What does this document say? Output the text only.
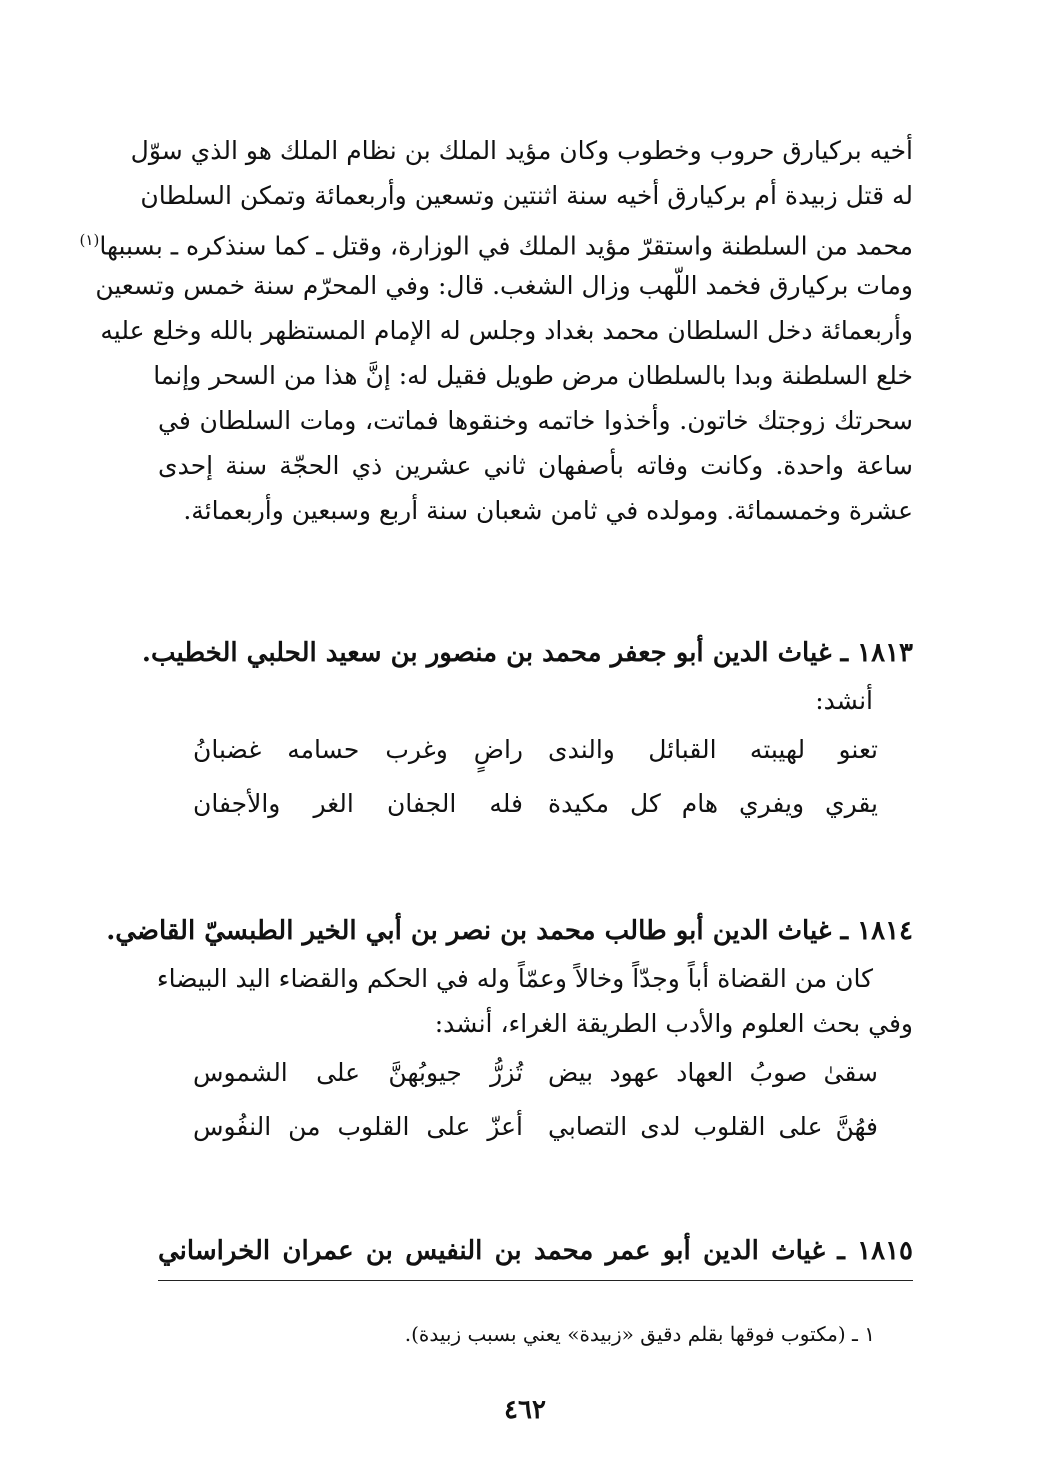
أخيه بركيارق حروب وخطوب وكان مؤيد الملك بن نظام الملك هو الذي سوّل
له قتل زبيدة أم بركيارق أخيه سنة اثنتين وتسعين وأربعمائة وتمكن السلطان
محمد من السلطنة واستقرّ مؤيد الملك في الوزارة، وقتل ـ كما سنذكره ـ بسببها$^{(١)}$
ومات بركيارق فخمد اللّهب وزال الشغب. قال: وفي المحرّم سنة خمس وتسعين
وأربعمائة دخل السلطان محمد بغداد وجلس له الإمام المستظهر بالله وخلع عليه
خلع السلطنة وبدا بالسلطان مرض طويل فقيل له: إنَّ هذا من السحر وإنما
سحرتك زوجتك خاتون. وأخذوا خاتمه وخنقوها فماتت، ومات السلطان في
ساعة واحدة. وكانت وفاته بأصفهان ثاني عشرين ذي الحجّة سنة إحدى
عشرة وخمسمائة. ومولده في ثامن شعبان سنة أربع وسبعين وأربعمائة.
١٨١٣ ـ غياث الدين أبو جعفر محمد بن منصور بن سعيد الحلبي الخطيب.
أنشد:
تعنو لهيبته القبائل والندى
راضٍ وغرب حسامه غضبانُ
يقري ويفري هام كل مكيدة
فله الجفان الغر والأجفان
١٨١٤ ـ غياث الدين أبو طالب محمد بن نصر بن أبي الخير الطبسيّ القاضي.
كان من القضاة أباً وجدّاً وخالاً وعمّاً وله في الحكم والقضاء اليد البيضاء
وفي بحث العلوم والأدب الطريقة الغراء، أنشد:
سقىٰ صوبُ العهاد عهود بيض
تُزرُّ جيوبُهنَّ على الشموس
فهُنَّ على القلوب لدى التصابي
أعزّ على القلوب من النفُوس
١٨١٥ ـ غياث الدين أبو عمر محمد بن النفيس بن عمران الخراساني
١ ـ (مكتوب فوقها بقلم دقيق «زبيدة» يعني بسبب زبيدة).
٤٦٢
